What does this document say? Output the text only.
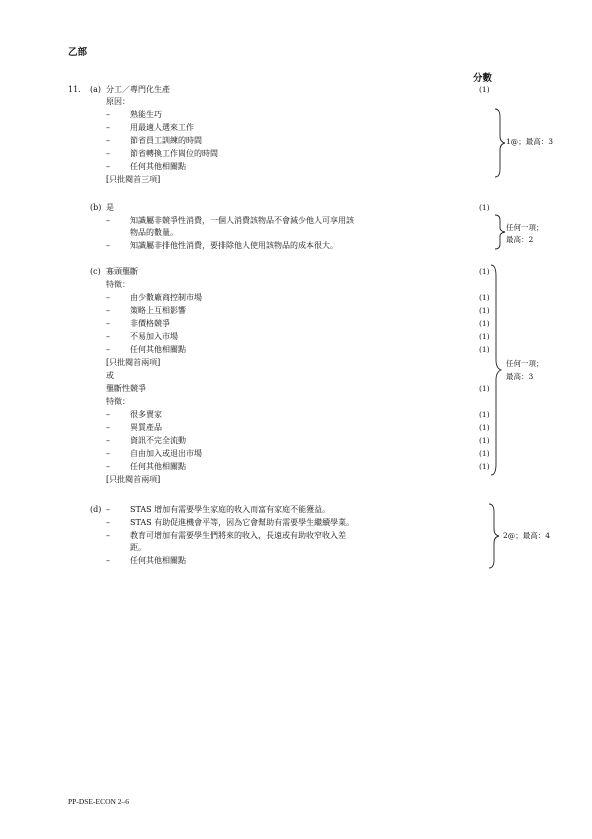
乙部
分數
11. (a) 分工／專門化生產	(1)
原因：
–	熟能生巧
–	用最適人選來工作
–	節省員工訓練的時間
–	節省轉換工作崗位的時間
–	任何其他相關點
[只批閱首三項]
1@；最高：3
(b) 是	(1)
–	知識屬非競爭性消費，一個人消費該物品不會減少他人可享用該
物品的數量。
–	知識屬非排他性消費，要排除他人使用該物品的成本很大。
任何一項；
最高：2
(c) 寡頭壟斷	(1)
特徵：
–	由少數廠商控制市場	(1)
–	策略上互相影響	(1)
–	非價格競爭	(1)
–	不易加入市場	(1)
–	任何其他相關點	(1)
[只批閱首兩項]
或
壟斷性競爭	(1)
特徵：
–	很多賣家	(1)
–	異質產品	(1)
–	資訊不完全流動	(1)
–	自由加入或退出市場	(1)
–	任何其他相關點	(1)
[只批閱首兩項]
任何一項；
最高：3
(d) –	STAS 增加有需要學生家庭的收入而富有家庭不能獲益。
–	STAS 有助促進機會平等，因為它會幫助有需要學生繼續學業。
–	教育可增加有需要學生們將來的收入，長遠或有助收窄收入差
距。
–	任何其他相關點
2@；最高：4
PP-DSE-ECON 2–6
